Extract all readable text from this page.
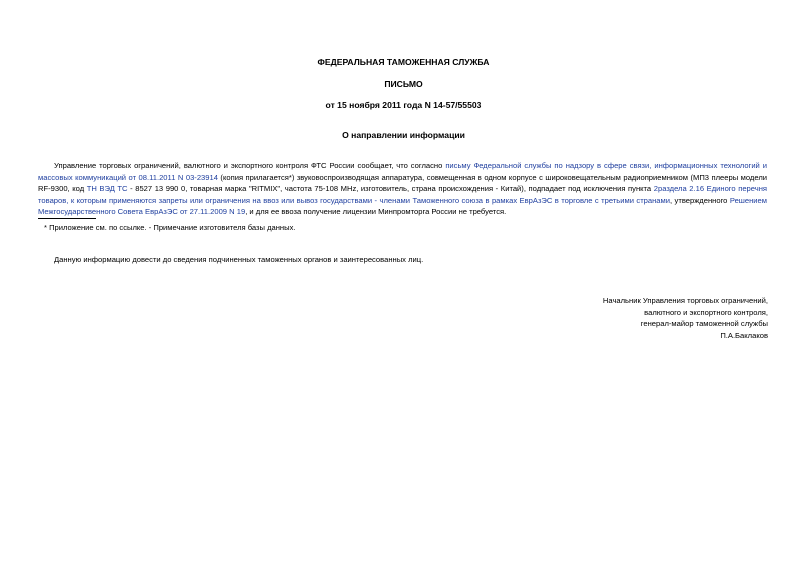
ФЕДЕРАЛЬНАЯ ТАМОЖЕННАЯ СЛУЖБА
ПИСЬМО
от 15 ноября 2011 года N 14-57/55503
О направлении информации
Управление торговых ограничений, валютного и экспортного контроля ФТС России сообщает, что согласно письму Федеральной службы по надзору в сфере связи, информационных технологий и массовых коммуникаций от 08.11.2011 N 03-23914 (копия прилагается*) звуковоспроизводящая аппаратура, совмещенная в одном корпусе с широковещательным радиоприемником (МП3 плееры модели RF-9300, код ТН ВЭД ТС - 8527 13 990 0, товарная марка "RITMIX", частота 75-108 MHz, изготовитель, страна происхождения - Китай), подпадает под исключения пункта 2раздела 2.16 Единого перечня товаров, к которым применяются запреты или ограничения на ввоз или вывоз государствами - членами Таможенного союза в рамках ЕврАзЭС в торговле с третьими странами, утвержденного Решением Межгосударственного Совета ЕврАзЭС от 27.11.2009 N 19, и для ее ввоза получение лицензии Минпромторга России не требуется.
* Приложение см. по ссылке. - Примечание изготовителя базы данных.
Данную информацию довести до сведения подчиненных таможенных органов и заинтересованных лиц.
Начальник Управления торговых ограничений,
валютного и экспортного контроля,
генерал-майор таможенной службы
П.А.Баклаков
